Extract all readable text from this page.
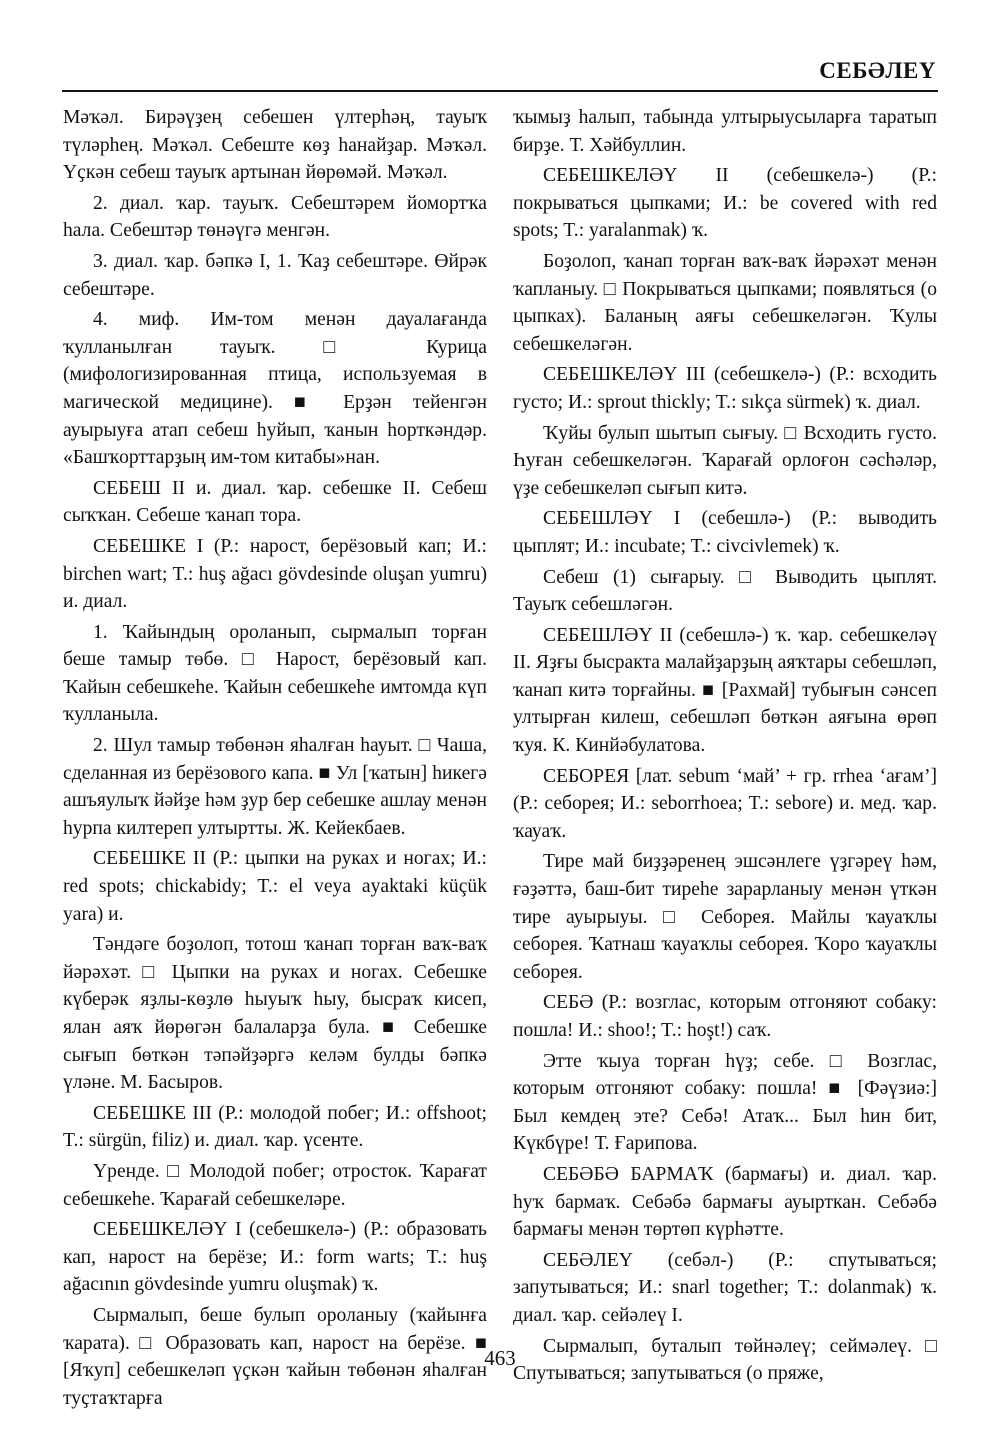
СЕБӘЛЕҮ

Мәҡәл. Бирәүҙең себешен үлтерһәң, тауыҡ түләрһең. Мәҡәл. Себеште көҙ һанайҙар. Мәҡәл. Үҫкән себеш тауыҡ артынан йөрөмәй. Мәҡәл.

2. диал. ҡар. тауыҡ. Себештәрем йомортҡа һала. Себештәр төнәүгә менгән.

3. диал. ҡар. бәпкә I, 1. Ҡаҙ себештәре. Өйрәк себештәре.

4. миф. Им-том менән дауалағанда ҡулланылған тауыҡ. □ Курица (мифологизированная птица, используемая в магической медицине). ■ Ерҙән тейенгән ауырыуға атап себеш һуйып, ҡанын һорткәндәр. «Башҡорттарҙың им-том китабы»нан.

СЕБЕШ II и. диал. ҡар. себешке II. Себеш сыҡҡан. Себеше ҡанап тора.

СЕБЕШКЕ I (Р.: нарост, берёзовый кап; И.: birchen wart; T.: huş ağacı gövdesinde oluşan yumru) и. диал.

1. Ҡайындың ороланып, сырмалып торған беше тамыр төбө. □ Нарост, берёзовый кап. Ҡайын себешкеһе. Ҡайын себешкеһе имтомда күп ҡулланыла.

2. Шул тамыр төбөнән яһалған һауыт. □ Чаша, сделанная из берёзового капа. ■ Ул [ҡатын] һикегә ашъяулыҡ йәйҙе һәм ҙур бер себешке ашлау менән һурпа килтереп ултыртты. Ж. Кейекбаев.

СЕБЕШКЕ II (Р.: цыпки на руках и ногах; И.: red spots; chickabidy; T.: el veya ayaktaki küçük yara) и.

Тәндәге боҙолоп, тотош ҡанап торған ваҡ-ваҡ йәрәхәт. □ Цыпки на руках и ногах. Себешке күберәк яҙлы-көҙлө һыуыҡ һыу, бысраҡ кисеп, ялан аяҡ йөрөгән балаларҙа була. ■ Себешке сығып бөткән тәпәйҙәргә келәм булды бәпкә үләне. М. Басыров.

СЕБЕШКЕ III (Р.: молодой побег; И.: offshoot; T.: sürgün, filiz) и. диал. ҡар. үсенте.

Үренде. □ Молодой побег; отросток. Ҡарағат себешкеһе. Ҡарағай себешкеләре.

СЕБЕШКЕЛӘҮ I (себешкелә-) (Р.: образовать кап, нарост на берёзе; И.: form warts; T.: huş ağacının gövdesinde yumru oluşmak) ҡ.

Сырмалып, беше булып ороланыу (ҡайынға ҡарата). □ Образовать кап, нарост на берёзе. ■ [Яҡуп] себешкеләп үҫкән ҡайын төбөнән яһалған туҫтаҡтарға

ҡымыҙ һалып, табында ултырыусыларға таратып бирҙе. Т. Хәйбуллин.

СЕБЕШКЕЛӘҮ II (себешкелә-) (Р.: покрываться цыпками; И.: be covered with red spots; T.: yaralanmak) ҡ.

Боҙолоп, ҡанап торған ваҡ-ваҡ йәрәхәт менән ҡапланыу. □ Покрываться цыпками; появляться (о цыпках). Баланың аяғы себешкеләгән. Ҡулы себешкеләгән.

СЕБЕШКЕЛӘҮ III (себешкелә-) (Р.: всходить густо; И.: sprout thickly; T.: sıkça sürmek) ҡ. диал.

Ҡуйы булып шытып сығыу. □ Всходить густо. Һуған себешкеләгән. Ҡарағай орлоғон сәсһәләр, үҙе себешкеләп сығып китә.

СЕБЕШЛӘҮ I (себешлә-) (Р.: выводить цыплят; И.: incubate; T.: civcivlemek) ҡ.

Себеш (1) сығарыу. □ Выводить цыплят. Тауыҡ себешләгән.

СЕБЕШЛӘҮ II (себешлә-) ҡ. ҡар. себешкеләү II. Яҙғы бысракта малайҙарҙың аяҡтары себешләп, ҡанап китә торғайны. ■ [Рахмай] тубығын сәнсеп ултырған килеш, себешләп бөткән аяғына өрөп ҡуя. К. Кинйәбулатова.

СЕБОРЕЯ [лат. sebum ‘май’ + гр. rrhea ‘ағам’] (Р.: себорея; И.: seborrhoea; T.: sebore) и. мед. ҡар. ҡауаҡ.

Тире май биҙҙәренең эшсәнлеге үҙгәреү һәм, ғәҙәттә, баш-бит тиреһе зарарланыу менән үткән тире ауырыуы. □ Себорея. Майлы ҡауаҡлы себорея. Ҡатнаш ҡауаҡлы себорея. Ҡоро ҡауаҡлы себорея.

СЕБӘ (Р.: возглас, которым отгоняют собаку: пошла! И.: shoo!; T.: hoşt!) саҡ.

Этте ҡыуа торған һүҙ; себе. □ Возглас, которым отгоняют собаку: пошла! ■ [Фәүзиә:] Был кемдең эте? Себә! Атаҡ... Был һин бит, Күкбүре! Т. Ғарипова.

СЕБӘБӘ БАРМАҠ (бармағы) и. диал. ҡар. һуҡ бармаҡ. Себәбә бармағы ауырткан. Себәбә бармағы менән төртөп күрһәтте.

СЕБӘЛЕҮ (себәл-) (Р.: спутываться; запутываться; И.: snarl together; T.: dolanmak) ҡ. диал. ҡар. сейәлеү I.

Сырмалып, буталып төйнәлеү; сеймәлеү. □ Спутываться; запутываться (о пряже,

463
